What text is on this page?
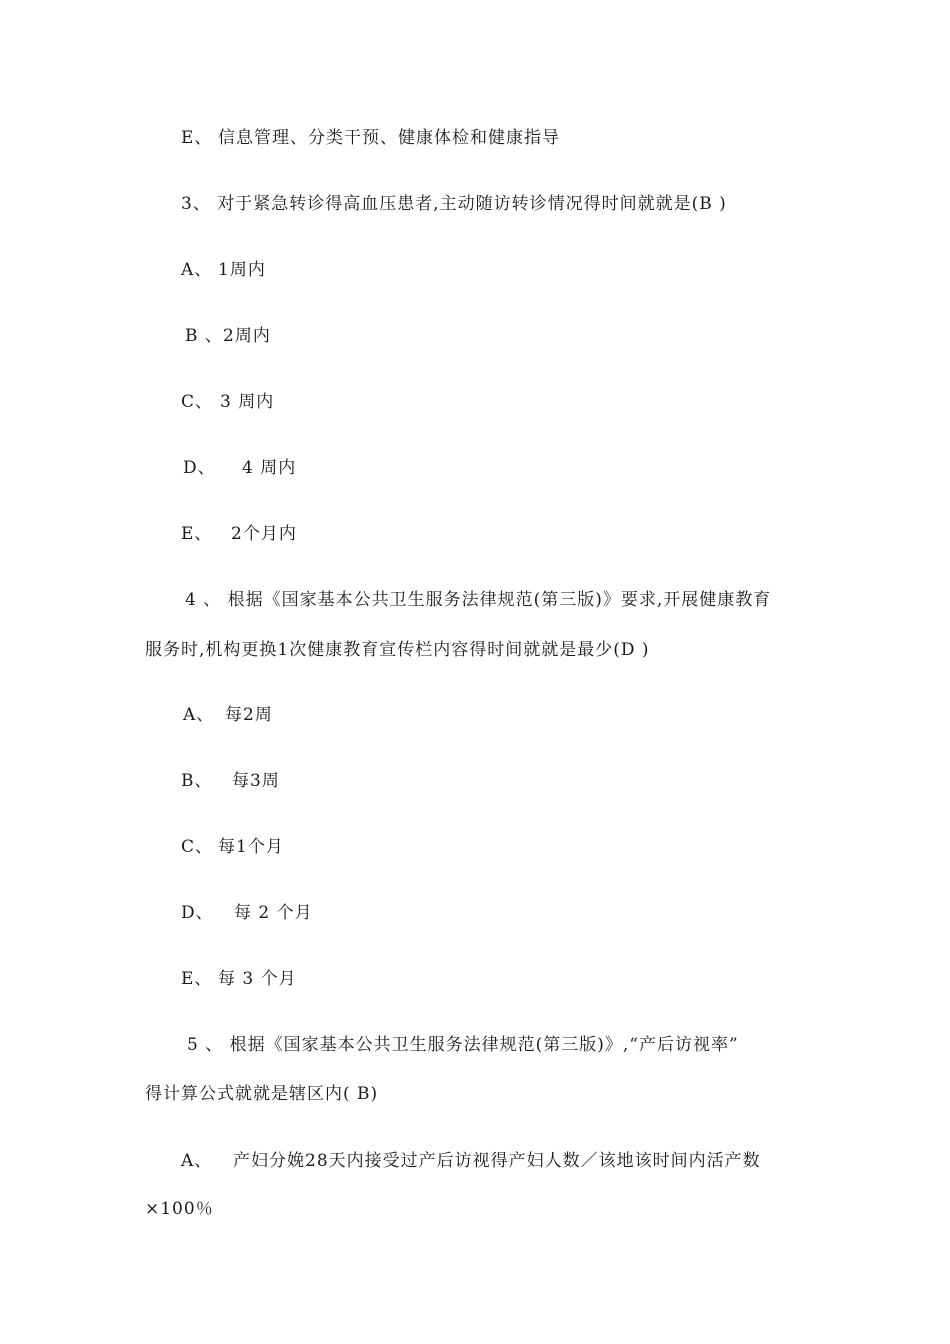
E、 信息管理、分类干预、健康体检和健康指导
3、 对于紧急转诊得高血压患者,主动随访转诊情况得时间就就是(B )
A、 1周内
B 、2周内
C、 3 周内
D、 4 周内
E、 2个月内
4 、 根据《国家基本公共卫生服务法律规范(第三版)》要求,开展健康教育
服务时,机构更换1次健康教育宣传栏内容得时间就就是最少(D )
A、 每2周
B、 每3周
C、 每1个月
D、 每 2 个月
E、 每 3 个月
5 、 根据《国家基本公共卫生服务法律规范(第三版)》,“产后访视率”
得计算公式就就是辖区内( B)
A、 产妇分娩28天内接受过产后访视得产妇人数／该地该时间内活产数
×100％
